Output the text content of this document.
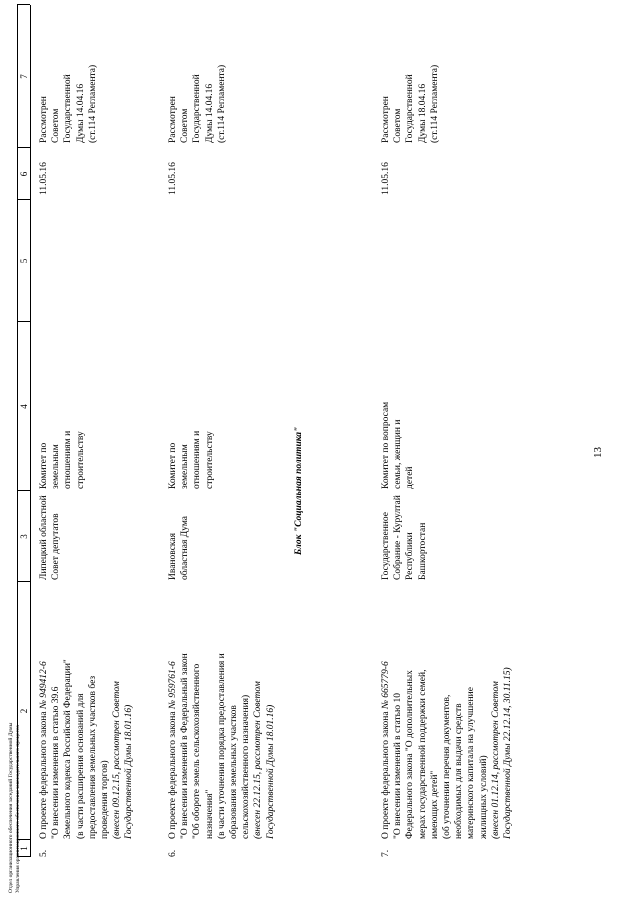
Отдел организационного обеспечения заседаний Государственной Думы Управления организационного обеспечения законодательного процесса
1
2
3
4
5
6
7
5.
О проекте федерального закона № 949412-6
"О внесении изменения в статью 39.6 Земельного кодекса Российской Федерации" (в части расширения оснований для предоставления земельных участков без проведения торгов) (внесен 09.12.15, рассмотрен Советом Государственной Думы 18.01.16)
Липецкий областной Совет депутатов
Комитет по земельным отношениям и строительству
11.05.16
Рассмотрен Советом Государственной Думы 14.04.16 (ст.114 Регламента)
6.
О проекте федерального закона № 959761-6 "О внесении изменений в Федеральный закон "Об обороте земель сельскохозяйственного назначения" (в части уточнения порядка предоставления и образования земельных участков сельскохозяйственного назначения) (внесен 22.12.15, рассмотрен Советом Государственной Думы 18.01.16)
Ивановская областная Дума
Комитет по земельным отношениям и строительству
11.05.16
Рассмотрен Советом Государственной Думы 14.04.16 (ст.114 Регламента)
Блок "Социальная политика"
7.
О проекте федерального закона № 665779-6
"О внесении изменений в статью 10 Федерального закона "О дополнительных мерах государственной поддержки семей, имеющих детей" (об уточнении перечня документов, необходимых для выдачи средств материнского капитала на улучшение жилищных условий) (внесен 01.12.14, рассмотрен Советом Государственной Думы 22.12.14, 30.11.15)
Государственное Собрание - Курултай Республики Башкортостан
Комитет по вопросам семьи, женщин и детей
11.05.16
Рассмотрен Советом Государственной Думы 18.04.16 (ст.114 Регламента)
13
